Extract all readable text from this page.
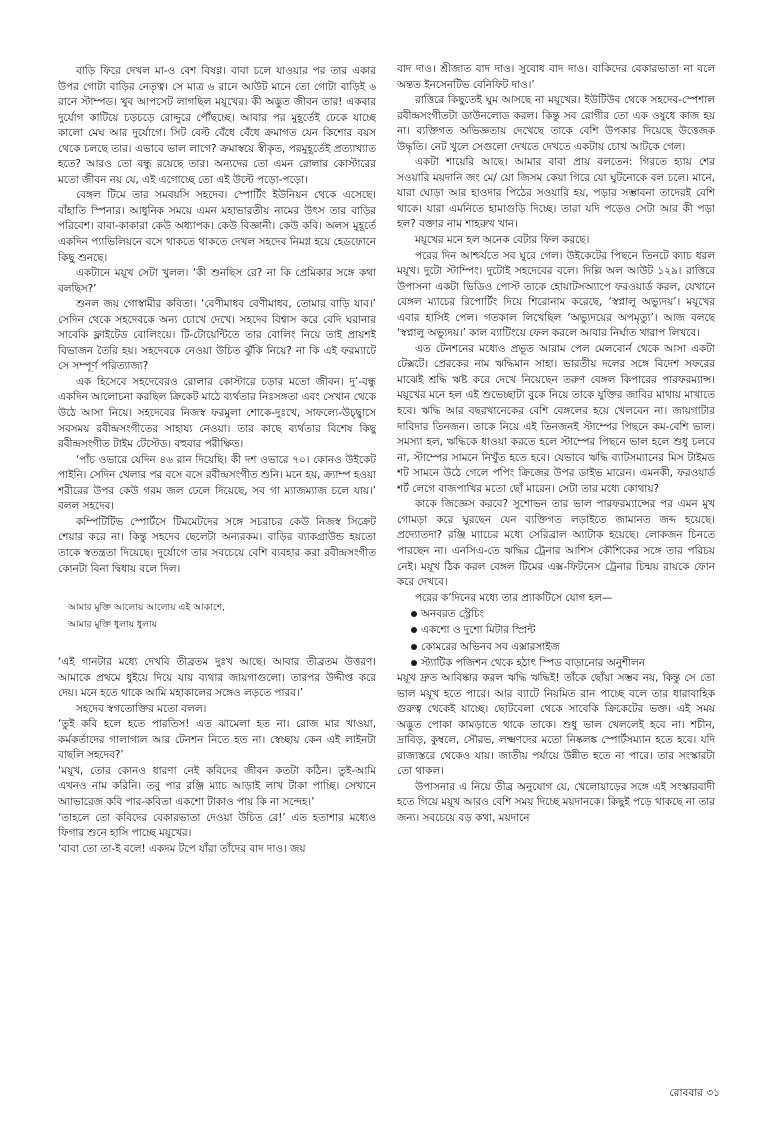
বাড়ি ফিরে দেখল মা-ও বেশ বিষণ্ণ। বাবা চলে যাওয়ার পর তার একার উপর গোটা বাড়ির নেতৃত্ব। সে মাত্র ৬ রানে আউট মানে তো গোটা বাড়িই ৬ রানে স্টাম্পড। খুব আপসেট লাগছিল ময়ূখের। কী অদ্ভুত জীবন তার! একবার দুর্যোগ কাটিয়ে চড়চড়ে রোদ্দুরে পৌঁছচ্ছে। আবার পর মুহূর্তেই ঢেকে যাচ্ছে কালো মেঘ আর দুর্যোগে। সিট বেল্ট বেঁধে বেঁধে ক্রমাগত যেন কিশোর বয়স থেকে চলছে তার। এভাবে ভাল লাগে? ক্রমাস্বয়ে স্বীকৃত, পরমুহূর্তেই প্রত্যাখ্যাত হতে? আরও তো বন্ধু রয়েছে তার। অন্যদের তো এমন রোলার কোস্টারের মতো জীবন নয় যে, এই এগোচ্ছে তো এই উল্টে পড়ো-পড়ো।

বেঙ্গল টিমে তার সমবয়সি সহদেব। স্পোর্টিং ইউনিয়ন থেকে এসেছে। বাঁহাতি স্পিনার। আধুনিক সময়ে এমন মহাভারতীয় নামের উৎস তার বাড়ির পরিবেশ। বাবা-কাকারা কেউ অধ্যাপক। কেউ বিজ্ঞানী। কেউ কবি। অলস মুহূর্তে একদিন প্যাভিলিয়নে বসে থাকতে থাকতে দেখল সহদেব নিমগ্ন হয়ে হেডফোনে কিছু শুনছে।

একটানে ময়ূখ সেটা খুলল। ‘কী শুনছিস রে? না কি প্রেমিকার সঙ্গে কথা বলছিস?’

শুনল জয় গোস্বামীর কবিতা। ‘বেণীমাধব বেণীমাধব, তোমার বাড়ি যাব।’ সেদিন থেকে সহদেবকে অন্য চোখে দেখে। সহদেব বিশ্বাস করে বেদি ঘরানার সাবেকি ফ্লাইটেড বোলিংয়ে। টি-টোয়েন্টিতে তার বোলিং নিয়ে তাই প্রায়শই বিভাজন তৈরি হয়। সহদেবকে নেওয়া উচিত ঝুঁকি নিয়ে? না কি এই ফরম্যাটে সে সম্পূর্ণ পরিত্যাজ্য?

এক হিসেবে সহদেবেরও রোলার কোস্টারে চড়ার মতো জীবন। দু’-বন্ধু একদিন আলোচনা করছিল ক্রিকেট মাঠে ব্যর্থতার নিঃসঙ্গতা এবং সেখান থেকে উঠে আসা নিয়ে। সহদেবের নিজস্ব ফরমুলা শোকে-দুঃখে, সাফল্যে-উচ্ছ্বাসে সবসময় রবীন্দ্রসংগীতের সাহায্য নেওয়া। তার কাছে ব্যর্থতার বিশেষ কিছু রবীন্দ্রসংগীত টাইম টেস্টেড। বহুবার পরীক্ষিত।

‘পাঁচ ওভারে যেদিন ৪৬ রান দিয়েছি। কী দশ ওভারে ৭০। কোনও উইকেট পাইনি। সেদিন খেলার পর বসে বসে রবীন্দ্রসংগীত শুনি। মনে হয়, ক্র্যাম্প হওয়া শরীরের উপর কেউ গরম জল ঢেলে দিয়েছে, সব গা ম্যাজম্যাজ চলে যায়।’ বলল সহদেব।

কম্পিটিটিভ স্পোর্টসে টিমমেটদের সঙ্গে সচরাচর কেউ নিজস্ব সিক্রেট শেয়ার করে না। কিন্তু সহদেব ছেলেটা অন্যরকম। বাড়ির ব্যাকগ্রাউন্ড হয়তো তাকে স্বতন্ত্রতা দিয়েছে। দুর্যোগে তার সবচেয়ে বেশি ব্যবহার করা রবীন্দ্রসংগীত কোনটা বিনা দ্বিধায় বলে দিল।

আমার মুক্তি আলোয় আলোয় এই আকাশে,
আমার মুক্তি ধুলায় ধুলায়

‘এই গানটার মধ্যে দেখবি তীব্রতম দুঃখ আছে। আবার তীব্রতম উত্তরণ। আমাকে প্রথমে ধুইয়ে দিয়ে যায় ব্যথার জায়গাগুলো। তারপর উদ্দীপ্ত করে দেয়। মনে হতে থাকে আমি মহাকালের সঙ্গেও লড়তে পারব।’

সহদেব স্বগতোক্তির মতো বলল।

‘তুই কবি হলে হতে পারতিস! এত ঝামেলা হত না। রোজ মার খাওয়া, কর্মকর্তাদের গালাগাল আর টেনশন নিতে হত না। স্বেচ্ছায় কেন এই লাইনটা বাছলি সহদেব?’

‘ময়ূখ, তোর কোনও ধারণা নেই কবিদের জীবন কতটা কঠিন। তুই-আমি এখনও নাম করিনি। তবু পার রঞ্জি ম্যাচ আড়াই লাখ টাকা পাচ্ছি। সেখানে অ্যাভারেজ কবি পার-কবিতা একশো টাকাও পায় কি না সন্দেহ।’

‘তাহলে তো কবিদের বেকারভাতা দেওয়া উচিত রে!’ এত হতাশার মধ্যেও ফিগার শুনে হাসি পাচ্ছে ময়ূখের।

‘বাবা তো তা-ই বলে! একদম টপে যাঁরা তাঁদের বাদ দাও। জয়

বাদ দাও। শ্রীজাত বাদ দাও। সুবোধ বাদ দাও। বাকিদের বেকারভাতা না বলে অন্তত ইনসেনটিভ বেনিফিট দাও।’

রাত্তিরে কিছুতেই ঘুম আসছে না ময়ূখের। ইউটিউব থেকে সহদেব-স্পেশাল রবীন্দ্রসংগীতটা ডাউনলোড করল। কিন্তু সব রোগীর তো এক ওষুধে কাজ হয় না। ব্যক্তিগত অভিজ্ঞতায় দেখেছে তাকে বেশি উপকার দিয়েছে উত্তেজক উদ্ধৃতি। নেট খুলে সেগুলো দেখতে দেখতে একটায় চোখ আটকে গেল।

একটা শায়েরি আছে। আমার বাবা প্রায় বলতেন: গিরতে হ্যায় শের সওয়ারি ময়দানি জং মে/ য়ো জিসম কেয়া গিরে যো ঘুটনোকে বল চলে। মানে, যারা ঘোড়া আর হাওদার পিঠের সওয়ারি হয়, পড়ার সম্ভাবনা তাদেরই বেশি থাকে। যারা এমনিতে হামাগুড়ি দিচ্ছে। তারা যদি পড়েও সেটা আর কী পড়া হল? বক্তার নাম শাহরুখ খান।

ময়ূখের মনে হল অনেক বেটার ফিল করছে।

পরের দিন আশ্চর্যতে সব ঘুরে গেল। উইকেটের পিছনে তিনটে ক্যাচ ধরল ময়ূখ। দুটো স্টাম্পিং। দুটোই সহদেবের বলে। দিল্লি অল আউট ১২৯। রাত্তিরে উপাসনা একটা ভিডিও পোস্ট তাকে হোয়াটসঅ্যাপে ফরওয়ার্ড করল, যেখানে বেঙ্গল ম্যাচের রিপোর্টিং দিয়ে শিরোনাম করেছে, ‘স্বপ্নালু অভ্যুদয়’। ময়ূখের এবার হাসিই পেল। গতকাল লিখেছিল ‘অভ্যুদয়ের অপমৃত্যু’। আজ বলছে ‘স্বপ্নালু অভ্যুদয়।’ কাল ব্যাটিংয়ে ফেল করলে আবার নির্ঘাত খারাপ লিখবে।

এত টেনশনের মধ্যেও প্রভূত আরাম পেল মেলবোর্ন থেকে আসা একটা টেক্সটে। প্রেরকের নাম ঋদ্ধিমান সাহা। ভারতীয় দলের সঙ্গে বিদেশ সফরের মাঝেই শ্রদ্ধি ঋষ্ট করে দেখে নিয়েছেন তরুণ বেঙ্গল কিপারের পারফরম্যান্স। ময়ূখের মনে হল এই শুভেচ্ছাটা বুকে নিয়ে তাকে যুক্তির জাবির মাথায় মাখাতে হবে। ঋদ্ধি আর বছরখানেকের বেশি বেঙ্গলের হয়ে খেলবেন না। জায়গাটার দাবিদার তিনজন। তাকে নিয়ে এই তিনজনই স্টাম্পের পিছনে কম-বেশি ভাল। সমস্যা হল, ঋদ্ধিকে ধাওয়া করতে হলে স্টাম্পের পিছনে ভাল হলে শুধু চলবে না, স্টাম্পের সামনে নিখুঁত হতে হবে। যেভাবে ঋদ্ধি ব্যাটসম্যানের মিস টাইমড শট সামনে উঠে গেলে পপিং ক্রিজের উপর ডাইভ মারেন। এমনকী, ফরওয়ার্ড শর্ট লেগে বাজপাখির মতো ছোঁ মারেন। সেটা তার মধ্যে কোথায়?

কাকে জিজ্ঞেস করবে? সুশোভন তার ভাল পারফরম্যান্সের পর এমন মুখ গোমড়া করে ঘুরছেন যেন ব্যক্তিগত লড়াইতে জামানত জব্দ হয়েছে। প্রদ্যোতদা? রঞ্জি ম্যাচের মধ্যে সেরিব্রাল অ্যাটাক হয়েছে। লোকজন চিনতে পারছেন না। এনসিএ-তে ঋদ্ধির ট্রেনার আশিস কৌশিকের সঙ্গে তার পরিচয় নেই। ময়ূখ ঠিক করল বেঙ্গল টিমের এক্স-ফিটনেস ট্রেনার চিন্ময় রায়কে ফোন করে দেখবে।

পরের ক’দিনের মধ্যে তার প্র্যাকটিসে যোগ হল—

অনবরত স্ট্রেচিং
একশো ও দুশো মিটার স্প্রিন্ট
কোমরের অভিনব সব এক্সারসাইজ
স্ট্যাটিক পজিশন থেকে হঠাৎ স্পিড বাড়ানোর অনুশীলন

ময়ূখ দ্রুত আবিষ্কার করল ঋদ্ধি ঋদ্ধিই! তাঁকে ছোঁয়া সম্ভব নয়, কিন্তু সে তো ভাল ময়ূখ হতে পারে। আর ব্যাটে নিয়মিত রান পাচ্ছে বলে তার ধারাবাহিক গুরুত্ব থেকেই যাচ্ছে। ছোটবেলা থেকে সাবেকি ক্রিকেটের ভক্ত। এই সময় অদ্ভুত পোকা কামড়াতে থাকে তাকে। শুধু ভাল খেললেই হবে না। শচীন, দ্রাবিড়, কুম্বলে, সৌরভ, লক্ষ্মণদের মতো নিষ্কলঙ্ক স্পোর্টসম্যান হতে হবে। যদি রাজ্যস্তরে থেকেও যায়। জাতীয় পর্যায়ে উন্নীত হতে না পারে। তার সংস্কারটা তো থাকল।

উপাসনার এ নিয়ে তীব্র অনুযোগ যে, খেলোয়াড়ের সঙ্গে এই সংস্কারবাদী হতে গিয়ে ময়ূখ আরও বেশি সময় দিচ্ছে ময়দানকে। কিছুই পড়ে থাকছে না তার জন্য। সবচেয়ে বড় কথা, ময়দানে

রোববার ৩১
